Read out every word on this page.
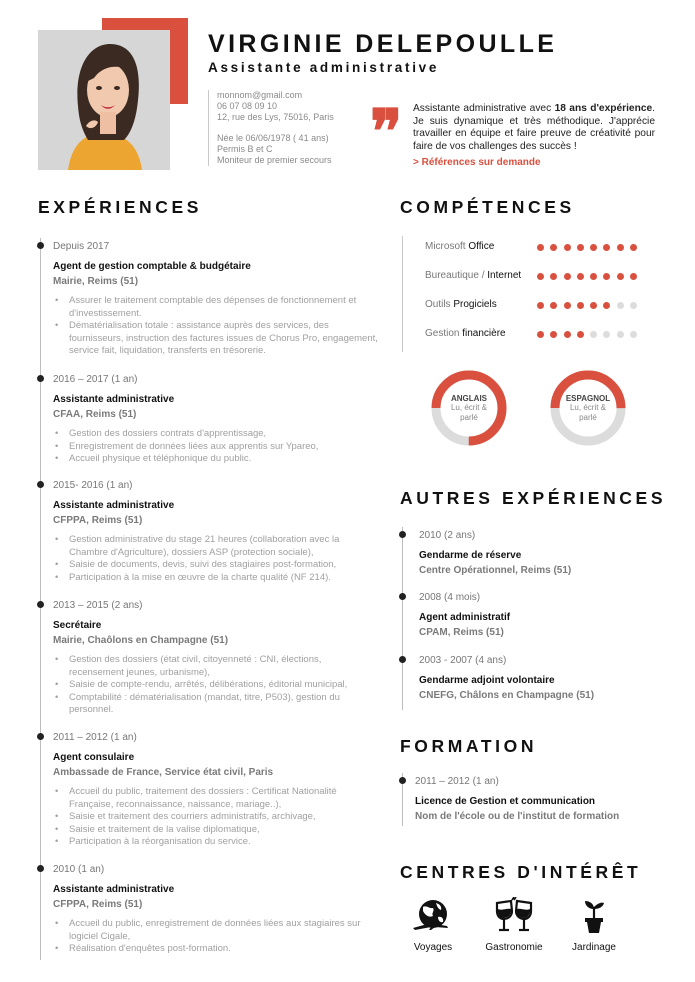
VIRGINIE DELEPOULLE
Assistante administrative
monnom@gmail.com
06 07 08 09 10
12, rue des Lys, 75016, Paris
Née le 06/06/1978 ( 41 ans)
Permis B et C
Moniteur de premier secours ❞ Assistante administrative avec 18 ans d'expérience. Je suis dynamique et très méthodique. J'apprécie travailler en équipe et faire preuve de créativité pour faire de vos challenges des succès !
> Références sur demande
EXPÉRIENCES
Depuis 2017
Agent de gestion comptable & budgétaire
Mairie, Reims (51)
• Assurer le traitement comptable des dépenses de fonctionnement et d'investissement.
• Dématérialisation totale : assistance auprès des services, des fournisseurs, instruction des factures issues de Chorus Pro, engagement, service fait, liquidation, transferts en trésorerie.
2016 – 2017 (1 an)
Assistante administrative
CFAA, Reims (51)
• Gestion des dossiers contrats d'apprentissage,
• Enregistrement de données liées aux apprentis sur Ypareo,
• Accueil physique et téléphonique du public.
2015- 2016 (1 an)
Assistante administrative
CFPPA, Reims (51)
• Gestion administrative du stage 21 heures (collaboration avec la Chambre d'Agriculture), dossiers ASP (protection sociale),
• Saisie de documents, devis, suivi des stagiaires post-formation,
• Participation à la mise en œuvre de la charte qualité (NF 214).
2013 – 2015 (2 ans)
Secrétaire
Mairie, Chaôlons en Champagne (51)
• Gestion des dossiers (état civil, citoyenneté : CNI, élections, recensement jeunes, urbanisme),
• Saisie de compte-rendu, arrêtés, délibérations, éditorial municipal,
• Comptabilité : dématérialisation (mandat, titre, P503), gestion du personnel.
2011 – 2012 (1 an)
Agent consulaire
Ambassade de France, Service état civil, Paris
• Accueil du public, traitement des dossiers : Certificat Nationalité Française, reconnaissance, naissance, mariage..),
• Saisie et traitement des courriers administratifs, archivage,
• Saisie et traitement de la valise diplomatique,
• Participation à la réorganisation du service.
2010 (1 an)
Assistante administrative
CFPPA, Reims (51)
• Accueil du public, enregistrement de données liées aux stagiaires sur logiciel Cigale,
• Réalisation d'enquêtes post-formation.
COMPÉTENCES
Microsoft Office
Bureautique / Internet
Outils Progiciels
Gestion financière
ANGLAIS
Lu, écrit &
parlé
ESPAGNOL
Lu, écrit &
parlé
AUTRES EXPÉRIENCES
2010 (2 ans)
Gendarme de réserve
Centre Opérationnel, Reims (51)
2008 (4 mois)
Agent administratif
CPAM, Reims (51)
2003 - 2007 (4 ans)
Gendarme adjoint volontaire
CNEFG, Châlons en Champagne (51)
FORMATION
2011 – 2012 (1 an)
Licence de Gestion et communication
Nom de l'école ou de l'institut de formation
CENTRES D'INTÉRÊT
Voyages	Gastronomie	Jardinage
